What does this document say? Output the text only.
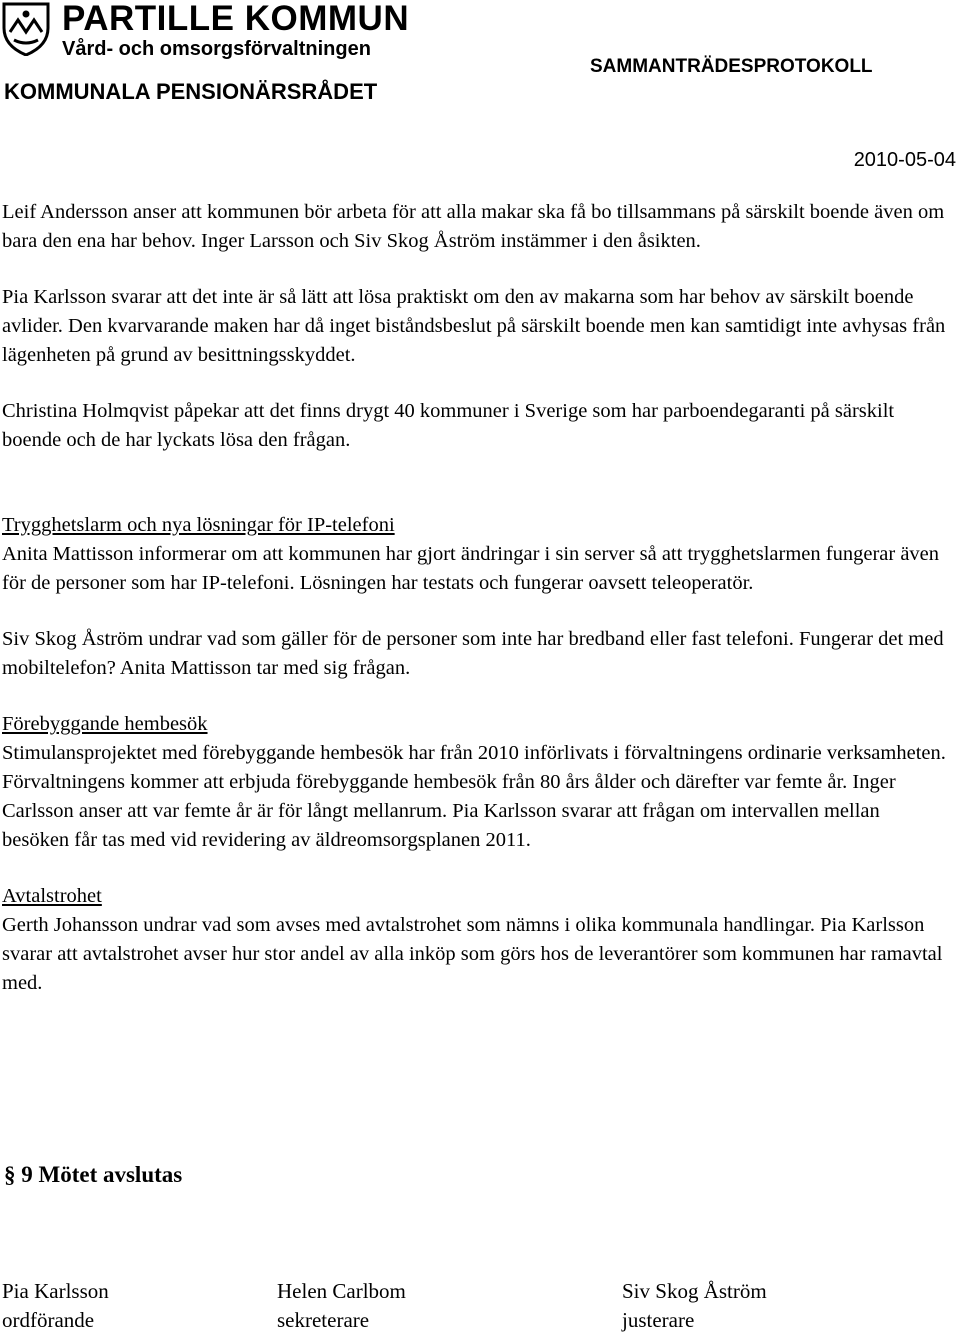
PARTILLE KOMMUN
Vård- och omsorgsförvaltningen
KOMMUNALA PENSIONÄRSRÅDET
SAMMANTRÄDESPROTOKOLL
2010-05-04

Leif Andersson anser att kommunen bör arbeta för att alla makar ska få bo tillsammans på särskilt boende även om bara den ena har behov. Inger Larsson och Siv Skog Åström instämmer i den åsikten.

Pia Karlsson svarar att det inte är så lätt att lösa praktiskt om den av makarna som har behov av särskilt boende avlider. Den kvarvarande maken har då inget biståndsbeslut på särskilt boende men kan samtidigt inte avhysas från lägenheten på grund av besittningsskyddet.

Christina Holmqvist påpekar att det finns drygt 40 kommuner i Sverige som har parboendegaranti på särskilt boende och de har lyckats lösa den frågan.

Trygghetslarm och nya lösningar för IP-telefoni

Anita Mattisson informerar om att kommunen har gjort ändringar i sin server så att trygghetslarmen fungerar även för de personer som har IP-telefoni. Lösningen har testats och fungerar oavsett teleoperatör.

Siv Skog Åström undrar vad som gäller för de personer som inte har bredband eller fast telefoni. Fungerar det med mobiltelefon? Anita Mattisson tar med sig frågan.

Förebyggande hembesök

Stimulansprojektet med förebyggande hembesök har från 2010 införlivats i förvaltningens ordinarie verksamheten. Förvaltningens kommer att erbjuda förebyggande hembesök från 80 års ålder och därefter var femte år. Inger Carlsson anser att var femte år är för långt mellanrum. Pia Karlsson svarar att frågan om intervallen mellan besöken får tas med vid revidering av äldreomsorgsplanen 2011.

Avtalstrohet

Gerth Johansson undrar vad som avses med avtalstrohet som nämns i olika kommunala handlingar. Pia Karlsson svarar att avtalstrohet avser hur stor andel av alla inköp som görs hos de leverantörer som kommunen har ramavtal med.

§ 9 Mötet avslutas
Pia Karlsson
ordförande
Helen Carlbom
sekreterare
Siv Skog Åström
justerare
